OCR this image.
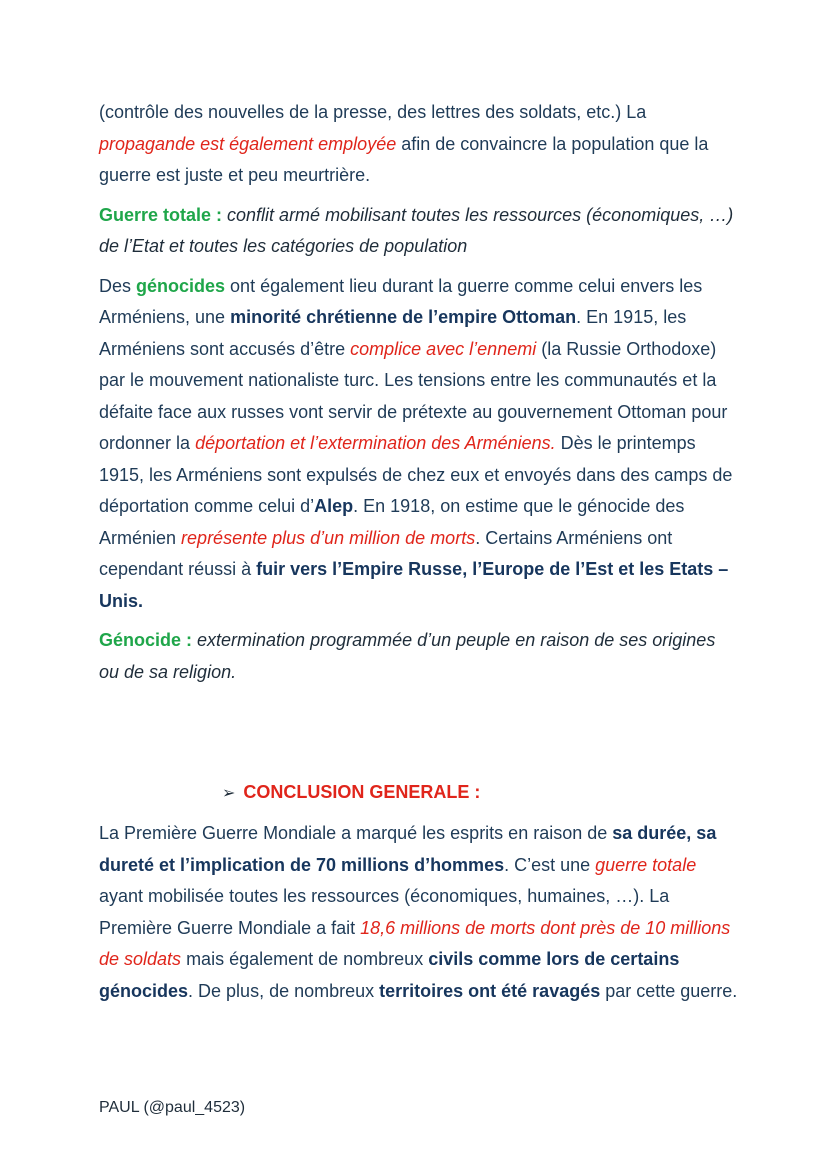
(contrôle des nouvelles de la presse, des lettres des soldats, etc.) La propagande est également employée afin de convaincre la population que la guerre est juste et peu meurtrière.

Guerre totale : conflit armé mobilisant toutes les ressources (économiques, …) de l’Etat et toutes les catégories de population

Des génocides ont également lieu durant la guerre comme celui envers les Arméniens, une minorité chrétienne de l’empire Ottoman. En 1915, les Arméniens sont accusés d’être complice avec l’ennemi (la Russie Orthodoxe) par le mouvement nationaliste turc. Les tensions entre les communautés et la défaite face aux russes vont servir de prétexte au gouvernement Ottoman pour ordonner la déportation et l’extermination des Arméniens. Dès le printemps 1915, les Arméniens sont expulsés de chez eux et envoyés dans des camps de déportation comme celui d’Alep. En 1918, on estime que le génocide des Arménien représente plus d’un million de morts. Certains Arméniens ont cependant réussi à fuir vers l’Empire Russe, l’Europe de l’Est et les Etats – Unis.

Génocide : extermination programmée d’un peuple en raison de ses origines ou de sa religion.

➢ CONCLUSION GENERALE :

La Première Guerre Mondiale a marqué les esprits en raison de sa durée, sa dureté et l’implication de 70 millions d’hommes. C’est une guerre totale ayant mobilisée toutes les ressources (économiques, humaines, …). La Première Guerre Mondiale a fait 18,6 millions de morts dont près de 10 millions de soldats mais également de nombreux civils comme lors de certains génocides. De plus, de nombreux territoires ont été ravagés par cette guerre.

PAUL (@paul_4523)
